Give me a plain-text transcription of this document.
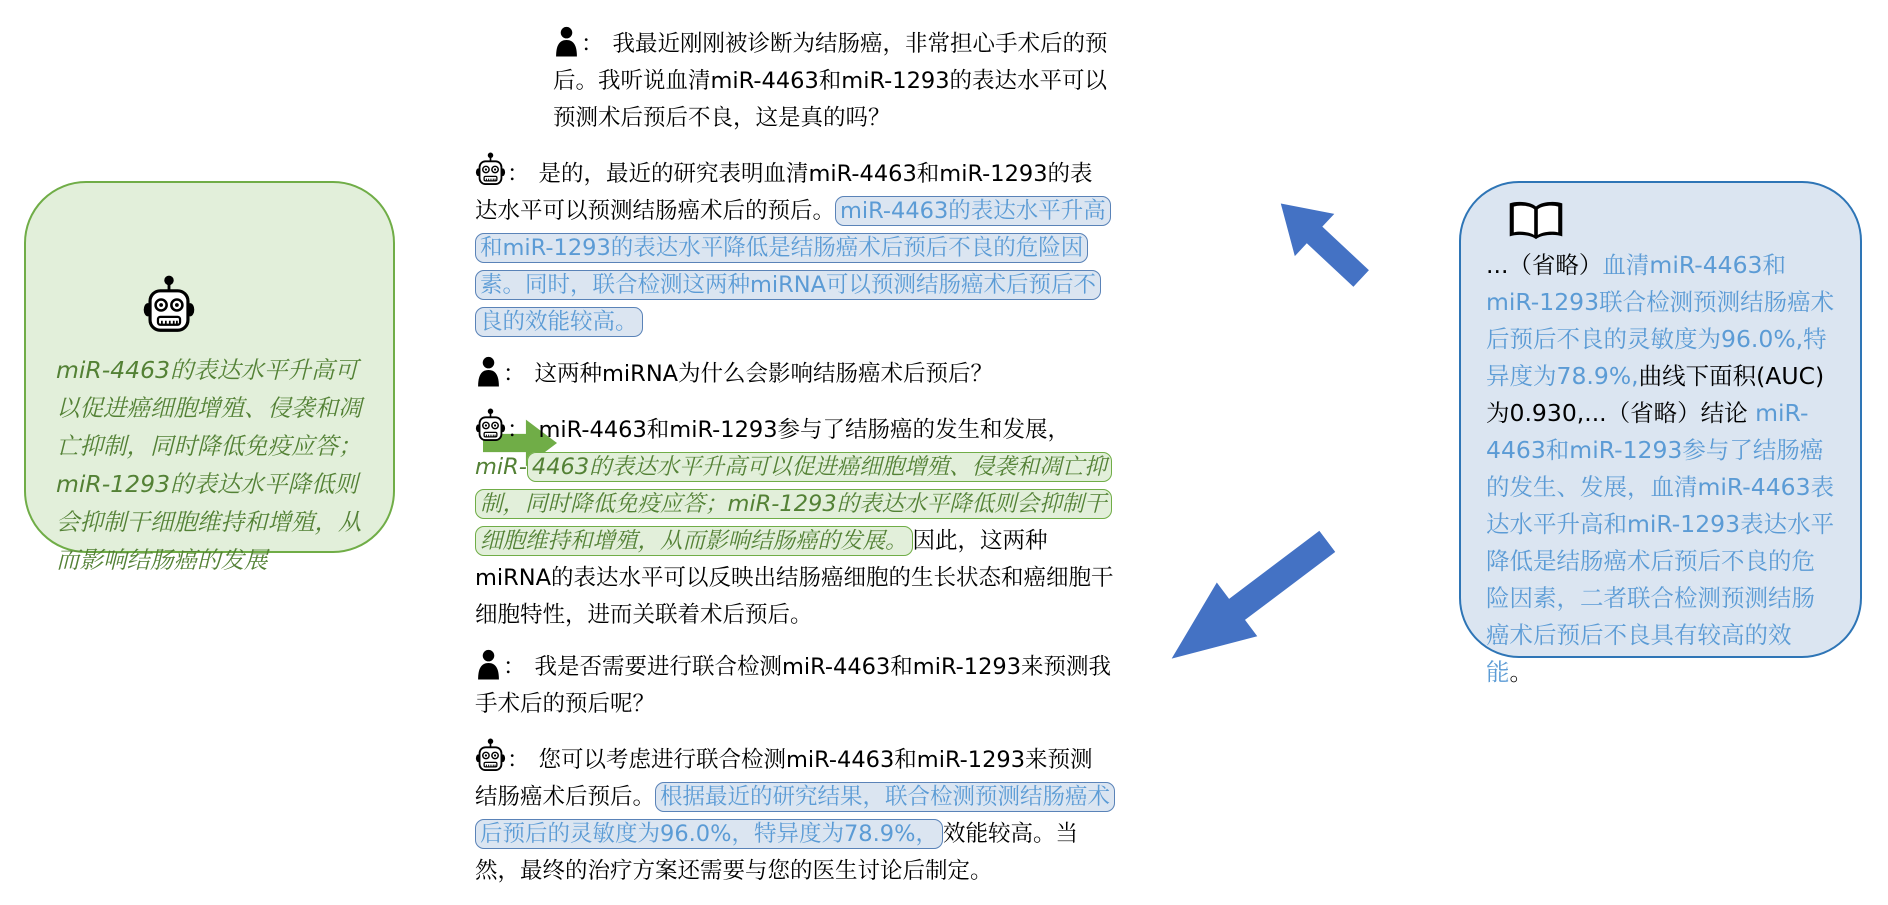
miR-4463的表达水平升高可以促进癌细胞增殖、侵袭和凋亡抑制，同时降低免疫应答；miR-1293的表达水平降低则会抑制干细胞维持和增殖，从而影响结肠癌的发展
： 我最近刚刚被诊断为结肠癌，非常担心手术后的预后。我听说血清miR-4463和miR-1293的表达水平可以预测术后预后不良，这是真的吗？
： 是的，最近的研究表明血清miR-4463和miR-1293的表达水平可以预测结肠癌术后的预后。 miR-4463的表达水平升高和miR-1293的表达水平降低是结肠癌术后预后不良的危险因素。同时，联合检测这两种miRNA可以预测结肠癌术后预后不良的效能较高。
： 这两种miRNA为什么会影响结肠癌术后预后？
： miR-4463和miR-1293参与了结肠癌的发生和发展，miR- 4463的表达水平升高可以促进癌细胞增殖、侵袭和凋亡抑制，同时降低免疫应答；miR-1293的表达水平降低则会抑制干细胞维持和增殖，从而影响结肠癌的发展。 因此，这两种miRNA的表达水平可以反映出结肠癌细胞的生长状态和癌细胞干细胞特性，进而关联着术后预后。
： 我是否需要进行联合检测miR-4463和miR-1293来预测我手术后的预后呢？
： 您可以考虑进行联合检测miR-4463和miR-1293来预测结肠癌术后预后。 根据最近的研究结果，联合检测预测结肠癌术后预后的灵敏度为96.0%，特异度为78.9%， 效能较高。当然，最终的治疗方案还需要与您的医生讨论后制定。
...（省略）血清miR-4463和miR-1293联合检测预测结肠癌术后预后不良的灵敏度为96.0%,特异度为78.9%,曲线下面积(AUC)为0.930,...（省略）结论 miR-4463和miR-1293参与了结肠癌的发生、发展，血清miR-4463表达水平升高和miR-1293表达水平降低是结肠癌术后预后不良的危险因素，二者联合检测预测结肠癌术后预后不良具有较高的效能。
